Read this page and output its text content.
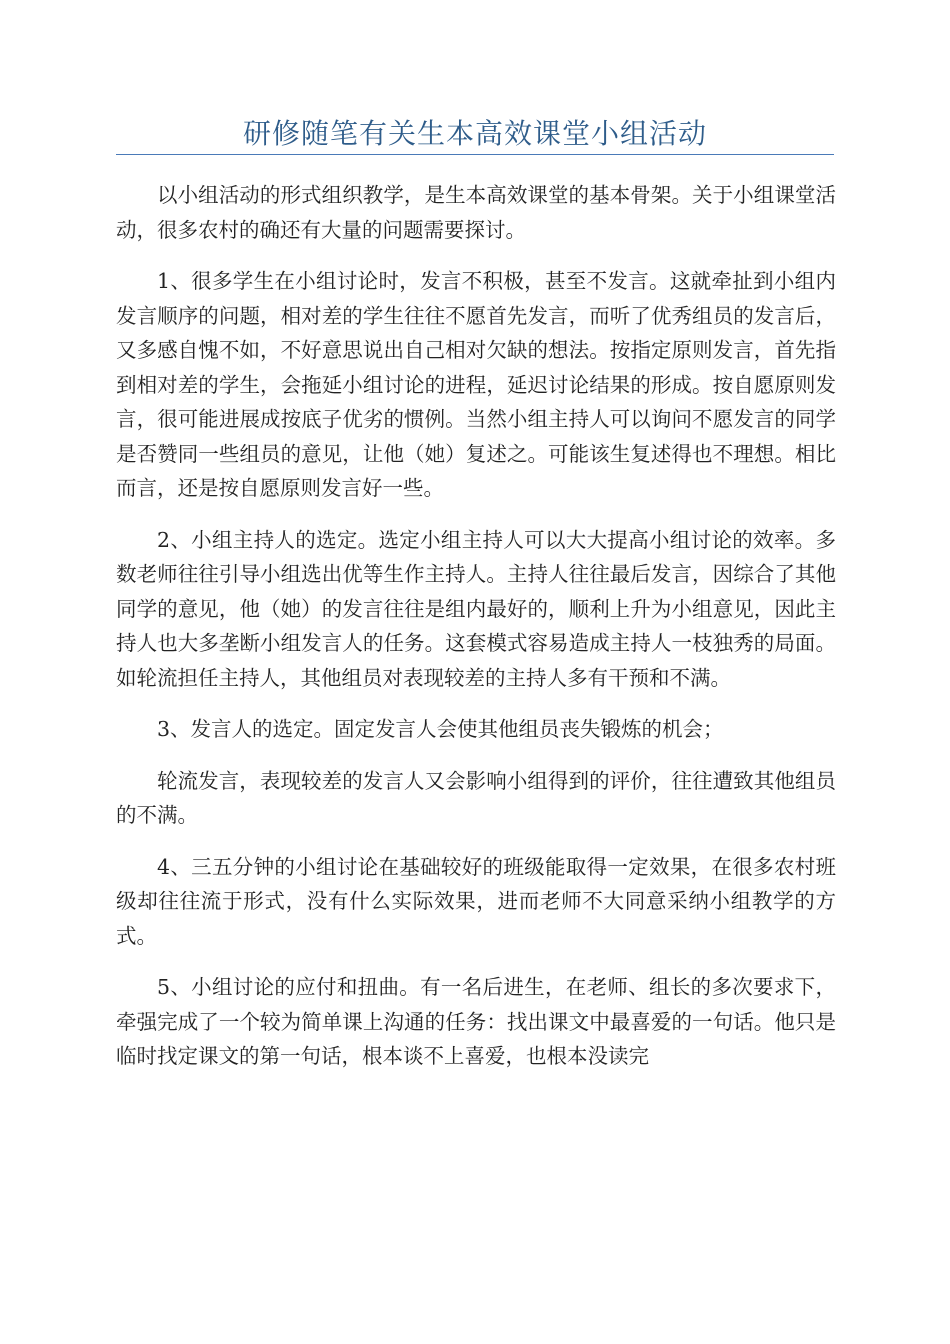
研修随笔有关生本高效课堂小组活动

以小组活动的形式组织教学，是生本高效课堂的基本骨架。关于小组课堂活动，很多农村的确还有大量的问题需要探讨。

1、很多学生在小组讨论时，发言不积极，甚至不发言。这就牵扯到小组内发言顺序的问题，相对差的学生往往不愿首先发言，而听了优秀组员的发言后，又多感自愧不如，不好意思说出自己相对欠缺的想法。按指定原则发言，首先指到相对差的学生，会拖延小组讨论的进程，延迟讨论结果的形成。按自愿原则发言，很可能进展成按底子优劣的惯例。当然小组主持人可以询问不愿发言的同学是否赞同一些组员的意见，让他（她）复述之。可能该生复述得也不理想。相比而言，还是按自愿原则发言好一些。

2、小组主持人的选定。选定小组主持人可以大大提高小组讨论的效率。多数老师往往引导小组选出优等生作主持人。主持人往往最后发言，因综合了其他同学的意见，他（她）的发言往往是组内最好的，顺利上升为小组意见，因此主持人也大多垄断小组发言人的任务。这套模式容易造成主持人一枝独秀的局面。如轮流担任主持人，其他组员对表现较差的主持人多有干预和不满。

3、发言人的选定。固定发言人会使其他组员丧失锻炼的机会；

轮流发言，表现较差的发言人又会影响小组得到的评价，往往遭致其他组员的不满。

4、三五分钟的小组讨论在基础较好的班级能取得一定效果，在很多农村班级却往往流于形式，没有什么实际效果，进而老师不大同意采纳小组教学的方式。

5、小组讨论的应付和扭曲。有一名后进生，在老师、组长的多次要求下，牵强完成了一个较为简单课上沟通的任务：找出课文中最喜爱的一句话。他只是临时找定课文的第一句话，根本谈不上喜爱，也根本没读完
